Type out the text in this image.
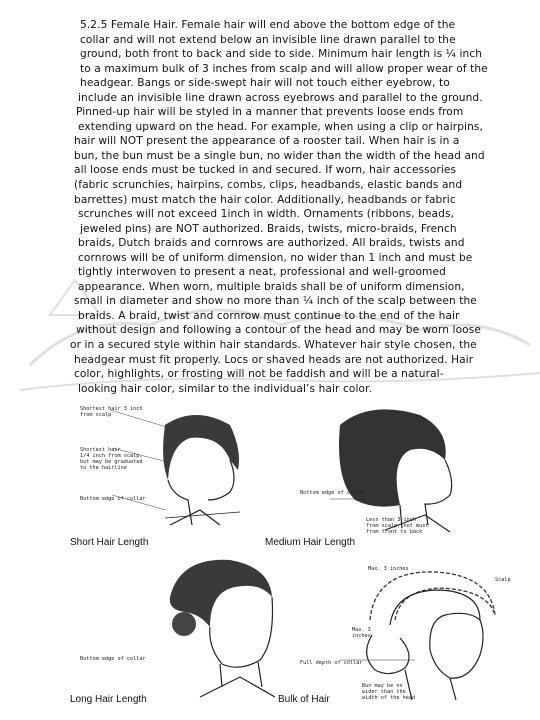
5.2.5 Female Hair. Female hair will end above the bottom edge of the
collar and will not extend below an invisible line drawn parallel to the
ground, both front to back and side to side. Minimum hair length is ¼ inch
to a maximum bulk of 3 inches from scalp and will allow proper wear of the
headgear. Bangs or side-swept hair will not touch either eyebrow, to
include an invisible line drawn across eyebrows and parallel to the ground.
Pinned-up hair will be styled in a manner that prevents loose ends from
extending upward on the head. For example, when using a clip or hairpins,
hair will NOT present the appearance of a rooster tail. When hair is in a
bun, the bun must be a single bun, no wider than the width of the head and
all loose ends must be tucked in and secured. If worn, hair accessories
(fabric scrunchies, hairpins, combs, clips, headbands, elastic bands and
barrettes) must match the hair color. Additionally, headbands or fabric
scrunches will not exceed 1inch in width. Ornaments (ribbons, beads,
jeweled pins) are NOT authorized. Braids, twists, micro-braids, French
braids, Dutch braids and cornrows are authorized. All braids, twists and
cornrows will be of uniform dimension, no wider than 1 inch and must be
tightly interwoven to present a neat, professional and well-groomed
appearance. When worn, multiple braids shall be of uniform dimension,
small in diameter and show no more than ¼ inch of the scalp between the
braids. A braid, twist and cornrow must continue to the end of the hair
without design and following a contour of the head and may be worn loose
or in a secured style within hair standards. Whatever hair style chosen, the
headgear must fit properly. Locs or shaved heads are not authorized. Hair
color, highlights, or frosting will not be faddish and will be a natural-
looking hair color, similar to the individual’s hair color.
Shortest hair 3 inch
from scalp
Shortest hair
1/4 inch from scalp,
but may be graduated
to the hairline
Bottom edge of collar
Short Hair Length
Bottom edge of collar
Less than 3-inch
from scalp, not must
from front to back
Medium Hair Length
Bottom edge of collar
Long Hair Length
Max. 3 inches
Scalp
Max. 3
inches
Full depth of collar
Bun may be no
wider than the
width of the head
Bulk of Hair
